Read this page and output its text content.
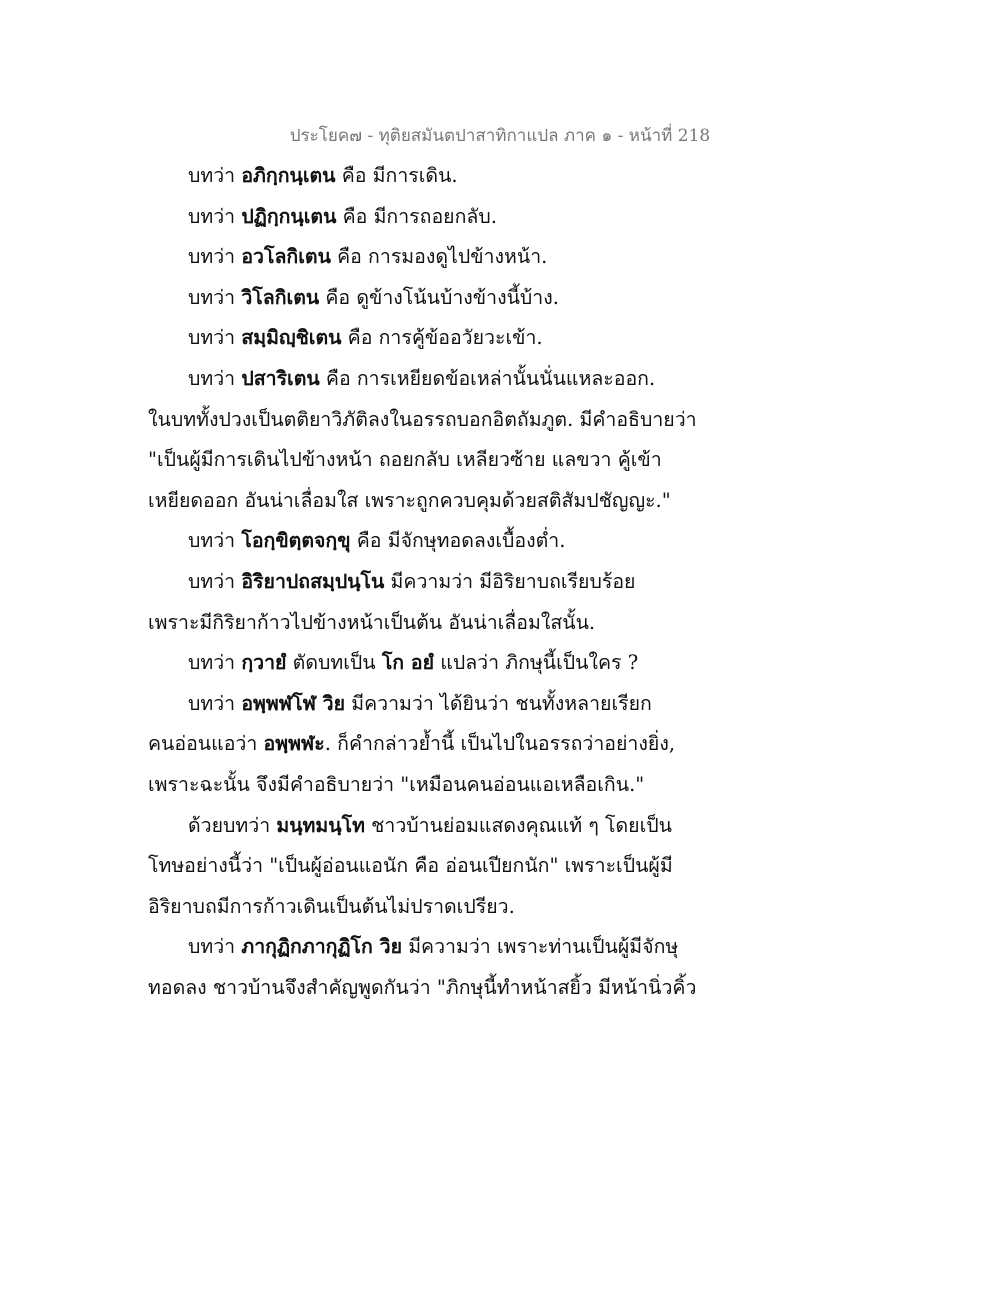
ประโยค๗ - ทุติยสมันตปาสาทิกาแปล ภาค ๑ - หน้าที่ 218
บทว่า อภิกฺกนฺเตน คือ มีการเดิน.
บทว่า ปฏิกฺกนฺเตน คือ มีการถอยกลับ.
บทว่า อวโลกิเตน คือ การมองดูไปข้างหน้า.
บทว่า วิโลกิเตน คือ ดูข้างโน้นบ้างข้างนี้บ้าง.
บทว่า สมฺมิญฺชิเตน คือ การคู้ข้ออวัยวะเข้า.
บทว่า ปสาริเตน คือ การเหยียดข้อเหล่านั้นนั่นแหละออก.
ในบททั้งปวงเป็นตติยาวิภัติลงในอรรถบอกอิตถัมภูต. มีคำอธิบายว่า
"เป็นผู้มีการเดินไปข้างหน้า ถอยกลับ เหลียวซ้าย แลขวา คู้เข้า
เหยียดออก อันน่าเลื่อมใส เพราะถูกควบคุมด้วยสติสัมปชัญญะ."
บทว่า โอกฺขิตฺตจกฺขุ คือ มีจักษุทอดลงเบื้องต่ำ.
บทว่า อิริยาปถสมฺปนฺโน มีความว่า มีอิริยาบถเรียบร้อย
เพราะมีกิริยาก้าวไปข้างหน้าเป็นต้น อันน่าเลื่อมใสนั้น.
บทว่า กฺวายํ ตัดบทเป็น โก อยํ แปลว่า ภิกษุนี้เป็นใคร ?
บทว่า อพฺพฬโฬ วิย มีความว่า ได้ยินว่า ชนทั้งหลายเรียก
คนอ่อนแอว่า อพฺพฬะ. ก็คำกล่าวย้ำนี้ เป็นไปในอรรถว่าอย่างยิ่ง,
เพราะฉะนั้น จึงมีคำอธิบายว่า "เหมือนคนอ่อนแอเหลือเกิน."
ด้วยบทว่า มนฺทมนฺโท ชาวบ้านย่อมแสดงคุณแท้ ๆ โดยเป็น
โทษอย่างนี้ว่า "เป็นผู้อ่อนแอนัก คือ อ่อนเปียกนัก" เพราะเป็นผู้มี
อิริยาบถมีการก้าวเดินเป็นต้นไม่ปราดเปรียว.
บทว่า ภากุฏิกภากุฏิโก วิย มีความว่า เพราะท่านเป็นผู้มีจักษุ
ทอดลง ชาวบ้านจึงสำคัญพูดกันว่า "ภิกษุนี้ทำหน้าสยิ้ว มีหน้านิ่วคิ้ว
